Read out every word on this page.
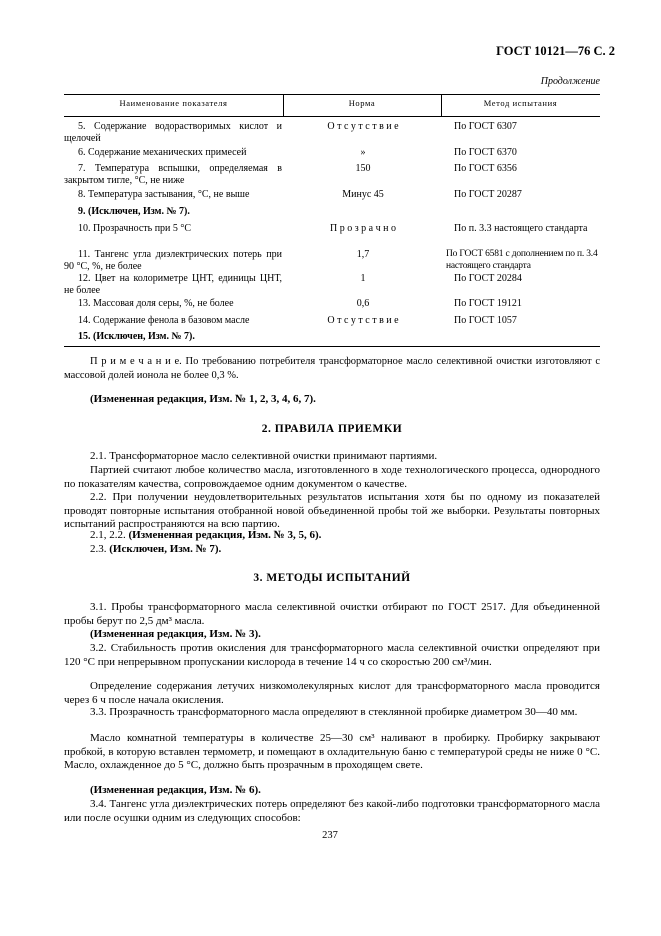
ГОСТ 10121—76 С. 2
Продолжение
Наименование показателя	Норма	Метод испытания
5. Содержание водорастворимых кислот и щелочей
О т с у т с т в и е	По ГОСТ 6307
6. Содержание механических примесей	»	По ГОСТ 6370
7. Температура вспышки, определяемая в закрытом тигле, °С, не ниже
150	По ГОСТ 6356
8. Температура застывания, °С, не выше	Минус 45	По ГОСТ 20287
9. (Исключен, Изм. № 7).
10. Прозрачность при 5 °С	П р о з р а ч н о	По п. 3.3 настоящего стандарта
11. Тангенс угла диэлектрических потерь при 90 °С, %, не более
1,7	По ГОСТ 6581 с дополнением по п. 3.4 настоящего стандарта
12. Цвет на колориметре ЦНТ, единицы ЦНТ, не более
1	По ГОСТ 20284
13. Массовая доля серы, %, не более	0,6	По ГОСТ 19121
14. Содержание фенола в базовом масле	О т с у т с т в и е	По ГОСТ 1057
15. (Исключен, Изм. № 7).
П р и м е ч а н и е. По требованию потребителя трансформаторное масло селективной очистки изготовляют с массовой долей ионола не более 0,3 %.
(Измененная редакция, Изм. № 1, 2, 3, 4, 6, 7).
2. ПРАВИЛА ПРИЕМКИ
2.1. Трансформаторное масло селективной очистки принимают партиями.
Партией считают любое количество масла, изготовленного в ходе технологического процесса, однородного по показателям качества, сопровождаемое одним документом о качестве.
2.2. При получении неудовлетворительных результатов испытания хотя бы по одному из показателей проводят повторные испытания отобранной новой объединенной пробы той же выборки. Результаты повторных испытаний распространяются на всю партию.
2.1, 2.2. (Измененная редакция, Изм. № 3, 5, 6).
2.3. (Исключен, Изм. № 7).
3. МЕТОДЫ ИСПЫТАНИЙ
3.1. Пробы трансформаторного масла селективной очистки отбирают по ГОСТ 2517. Для объединенной пробы берут по 2,5 дм³ масла.
(Измененная редакция, Изм. № 3).
3.2. Стабильность против окисления для трансформаторного масла селективной очистки определяют при 120 °С при непрерывном пропускании кислорода в течение 14 ч со скоростью 200 см³/мин.
Определение содержания летучих низкомолекулярных кислот для трансформаторного масла проводится через 6 ч после начала окисления.
3.3. Прозрачность трансформаторного масла определяют в стеклянной пробирке диаметром 30—40 мм.
Масло комнатной температуры в количестве 25—30 см³ наливают в пробирку. Пробирку закрывают пробкой, в которую вставлен термометр, и помещают в охладительную баню с температурой среды не ниже 0 °С. Масло, охлажденное до 5 °С, должно быть прозрачным в проходящем свете.
(Измененная редакция, Изм. № 6).
3.4. Тангенс угла диэлектрических потерь определяют без какой-либо подготовки трансформаторного масла или после осушки одним из следующих способов:
237
